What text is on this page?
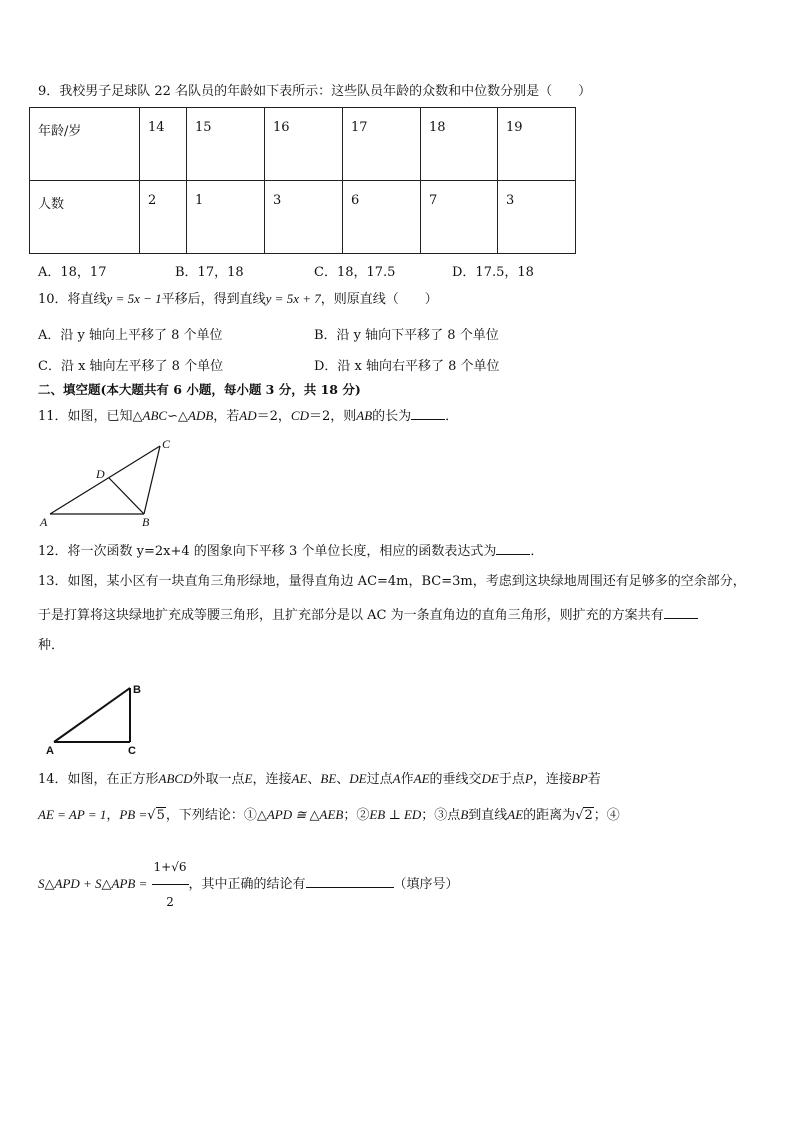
9．我校男子足球队 22 名队员的年龄如下表所示：这些队员年龄的众数和中位数分别是（　　）
年龄/岁	14	15	16	17	18	19
人数	2	1	3	6	7	3
A．18，17	B．17，18	C．18，17.5	D．17.5，18
10．将直线y = 5x − 1平移后，得到直线y = 5x + 7，则原直线（　　）
A．沿 y 轴向上平移了 8 个单位	B．沿 y 轴向下平移了 8 个单位
C．沿 x 轴向左平移了 8 个单位	D．沿 x 轴向右平移了 8 个单位
二、填空题(本大题共有 6 小题，每小题 3 分，共 18 分)
11．如图，已知△ABC∽△ADB，若AD＝2，CD＝2，则AB的长为	．
A	B
C
D
12．将一次函数 y=2x+4 的图象向下平移 3 个单位长度，相应的函数表达式为	．
13．如图，某小区有一块直角三角形绿地，量得直角边 AC=4m，BC=3m，考虑到这块绿地周围还有足够多的空余部分，
于是打算将这块绿地扩充成等腰三角形，且扩充部分是以 AC 为一条直角边的直角三角形，则扩充的方案共有
种．
A	C
B
14．如图，在正方形ABCD外取一点E，连接AE、BE、DE过点A作AE的垂线交DE于点P，连接BP若
AE = AP = 1，PB =√5，下列结论：①△APD ≅ △AEB；②EB ⊥ ED；③点B到直线AE的距离为√2；④
S△APD + S△APB = $\frac{1+√6}{2}$ ，其中正确的结论有	（填序号）
